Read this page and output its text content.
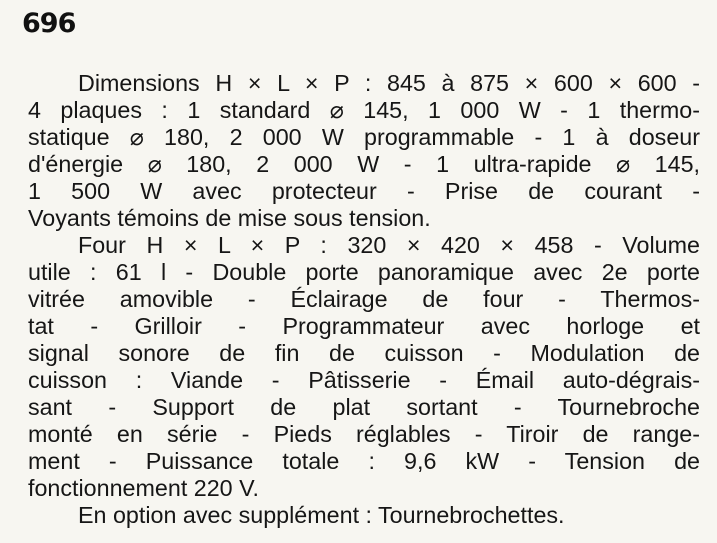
696
Dimensions H × L × P : 845 à 875 × 600 × 600 -
4 plaques : 1 standard ⌀ 145, 1 000 W - 1 thermo-
statique ⌀ 180, 2 000 W programmable - 1 à doseur
d'énergie ⌀ 180, 2 000 W - 1 ultra-rapide ⌀ 145,
1 500 W avec protecteur - Prise de courant -
Voyants témoins de mise sous tension.
Four H × L × P : 320 × 420 × 458 - Volume
utile : 61 l - Double porte panoramique avec 2e porte
vitrée amovible - Éclairage de four - Thermos-
tat - Grilloir - Programmateur avec horloge et
signal sonore de fin de cuisson - Modulation de
cuisson : Viande - Pâtisserie - Émail auto-dégrais-
sant - Support de plat sortant - Tournebroche
monté en série - Pieds réglables - Tiroir de range-
ment - Puissance totale : 9,6 kW - Tension de
fonctionnement 220 V.
En option avec supplément : Tournebrochettes.
